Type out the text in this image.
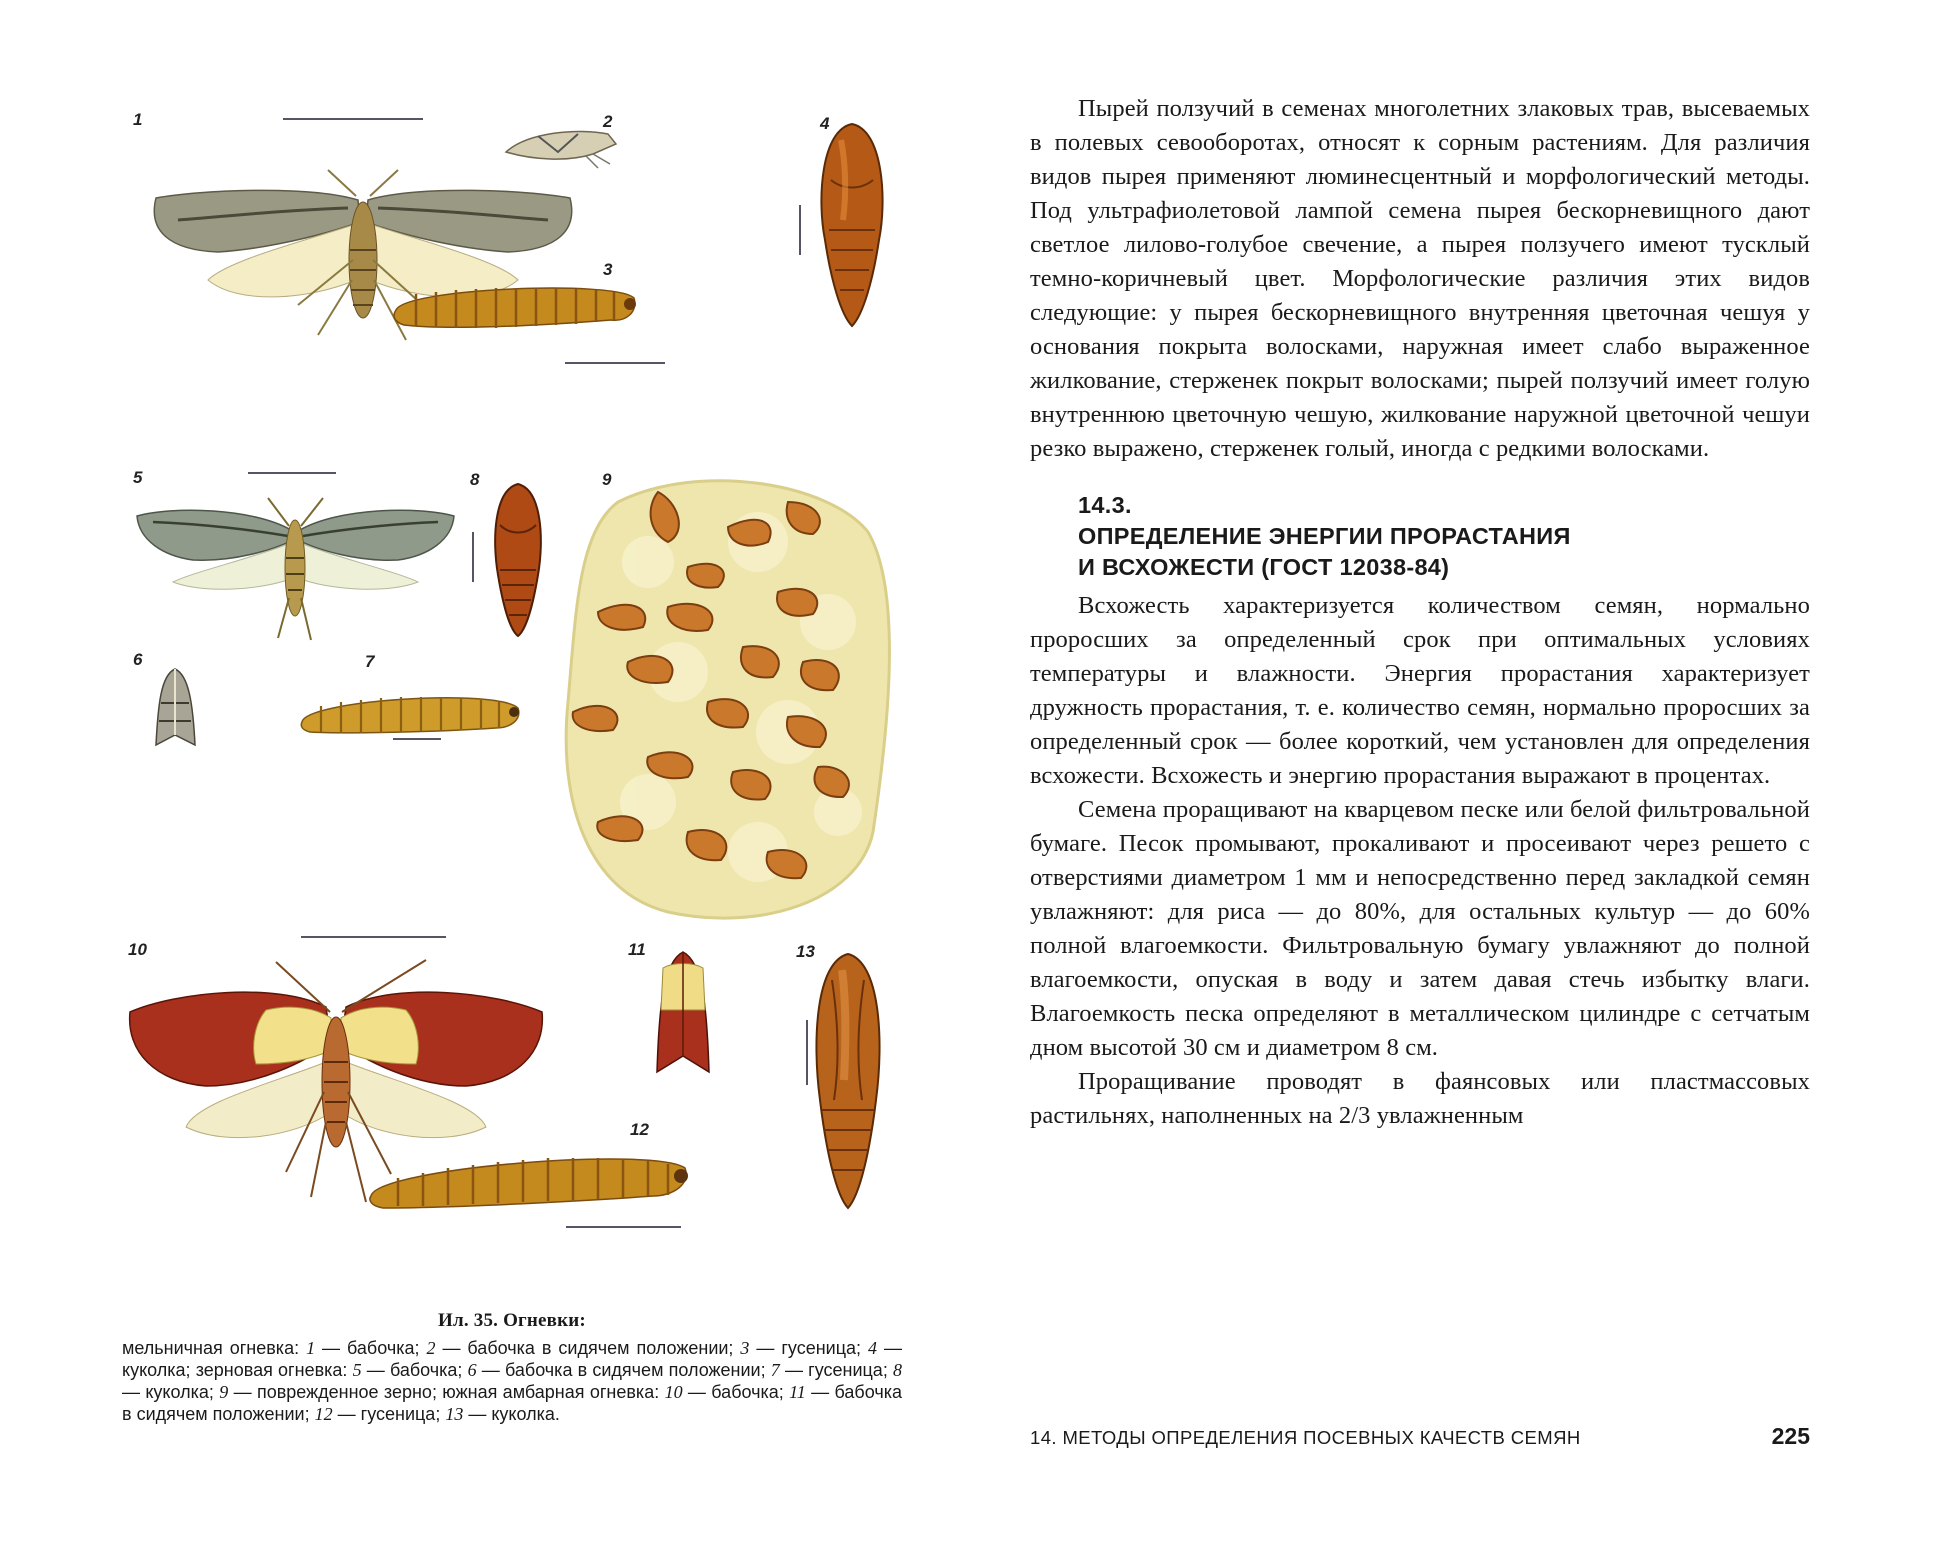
1	2
3
4
5
6	7
8	9
10	11
12
13

Ил. 35. Огневки:

мельничная огневка: 1 — бабочка; 2 — бабочка в сидячем положении; 3 — гусеница; 4 — куколка; зерновая огневка: 5 — бабочка; 6 — бабочка в сидячем положении; 7 — гусеница; 8 — куколка; 9 — поврежденное зерно; южная амбарная огневка: 10 — бабочка; 11 — бабочка в сидячем положении; 12 — гусеница; 13 — куколка.

Пырей ползучий в семенах многолетних злаковых трав, высеваемых в полевых севооборотах, относят к сорным растениям. Для различия видов пырея применяют люминесцентный и морфологический методы. Под ультрафиолетовой лампой семена пырея бескорневищного дают светлое лилово-голубое свечение, а пырея ползучего имеют тусклый темно-коричневый цвет. Морфологические различия этих видов следующие: у пырея бескорневищного внутренняя цветочная чешуя у основания покрыта волосками, наружная имеет слабо выраженное жилкование, стерженек покрыт волосками; пырей ползучий имеет голую внутреннюю цветочную чешую, жилкование наружной цветочной чешуи резко выражено, стерженек голый, иногда с редкими волосками.

14.3.
ОПРЕДЕЛЕНИЕ ЭНЕРГИИ ПРОРАСТАНИЯ
И ВСХОЖЕСТИ (ГОСТ 12038-84)

Всхожесть характеризуется количеством семян, нормально проросших за определенный срок при оптимальных условиях температуры и влажности. Энергия прорастания характеризует дружность прорастания, т. е. количество семян, нормально проросших за определенный срок — более короткий, чем установлен для определения всхожести. Всхожесть и энергию прорастания выражают в процентах.

Семена проращивают на кварцевом песке или белой фильтровальной бумаге. Песок промывают, прокаливают и просеивают через решето с отверстиями диаметром 1 мм и непосредственно перед закладкой семян увлажняют: для риса — до 80%, для остальных культур — до 60% полной влагоемкости. Фильтровальную бумагу увлажняют до полной влагоемкости, опуская в воду и затем давая стечь избытку влаги. Влагоемкость песка определяют в металлическом цилиндре с сетчатым дном высотой 30 см и диаметром 8 см.

Проращивание проводят в фаянсовых или пластмассовых растильнях, наполненных на 2/3 увлажненным

14. МЕТОДЫ ОПРЕДЕЛЕНИЯ ПОСЕВНЫХ КАЧЕСТВ СЕМЯН	225
